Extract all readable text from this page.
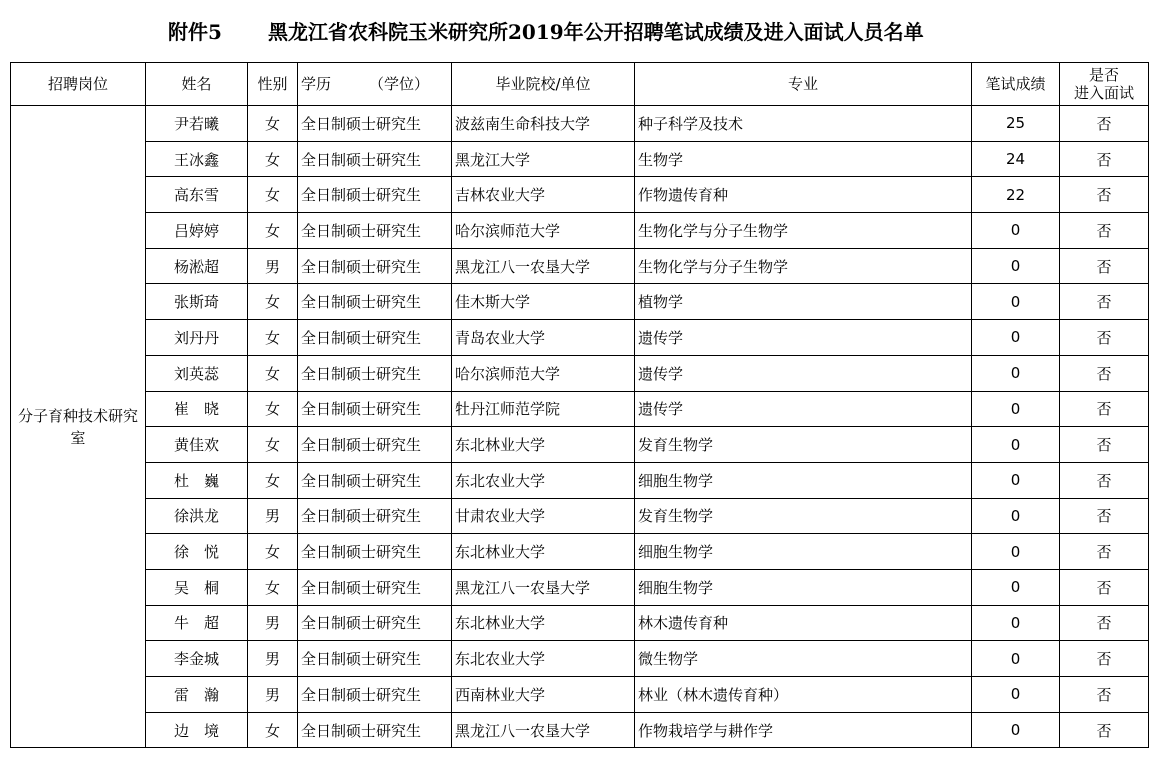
附件5 黑龙江省农科院玉米研究所2019年公开招聘笔试成绩及进入面试人员名单
招聘岗位	姓名	性别	学历 （学位）	毕业院校/单位	专业	笔试成绩	是否
进入面试
分子育种技术研究室	尹若曦	女	全日制硕士研究生	波兹南生命科技大学	种子科学及技术	25	否
	王冰鑫	女	全日制硕士研究生	黑龙江大学	生物学	24	否
	高东雪	女	全日制硕士研究生	吉林农业大学	作物遗传育种	22	否
	吕婷婷	女	全日制硕士研究生	哈尔滨师范大学	生物化学与分子生物学	0	否
	杨淞超	男	全日制硕士研究生	黑龙江八一农垦大学	生物化学与分子生物学	0	否
	张斯琦	女	全日制硕士研究生	佳木斯大学	植物学	0	否
	刘丹丹	女	全日制硕士研究生	青岛农业大学	遗传学	0	否
	刘英蕊	女	全日制硕士研究生	哈尔滨师范大学	遗传学	0	否
	崔　晓	女	全日制硕士研究生	牡丹江师范学院	遗传学	0	否
	黄佳欢	女	全日制硕士研究生	东北林业大学	发育生物学	0	否
	杜　巍	女	全日制硕士研究生	东北农业大学	细胞生物学	0	否
	徐洪龙	男	全日制硕士研究生	甘肃农业大学	发育生物学	0	否
	徐　悦	女	全日制硕士研究生	东北林业大学	细胞生物学	0	否
	吴　桐	女	全日制硕士研究生	黑龙江八一农垦大学	细胞生物学	0	否
	牛　超	男	全日制硕士研究生	东北林业大学	林木遗传育种	0	否
	李金城	男	全日制硕士研究生	东北农业大学	微生物学	0	否
	雷　瀚	男	全日制硕士研究生	西南林业大学	林业（林木遗传育种）	0	否
	边　境	女	全日制硕士研究生	黑龙江八一农垦大学	作物栽培学与耕作学	0	否
